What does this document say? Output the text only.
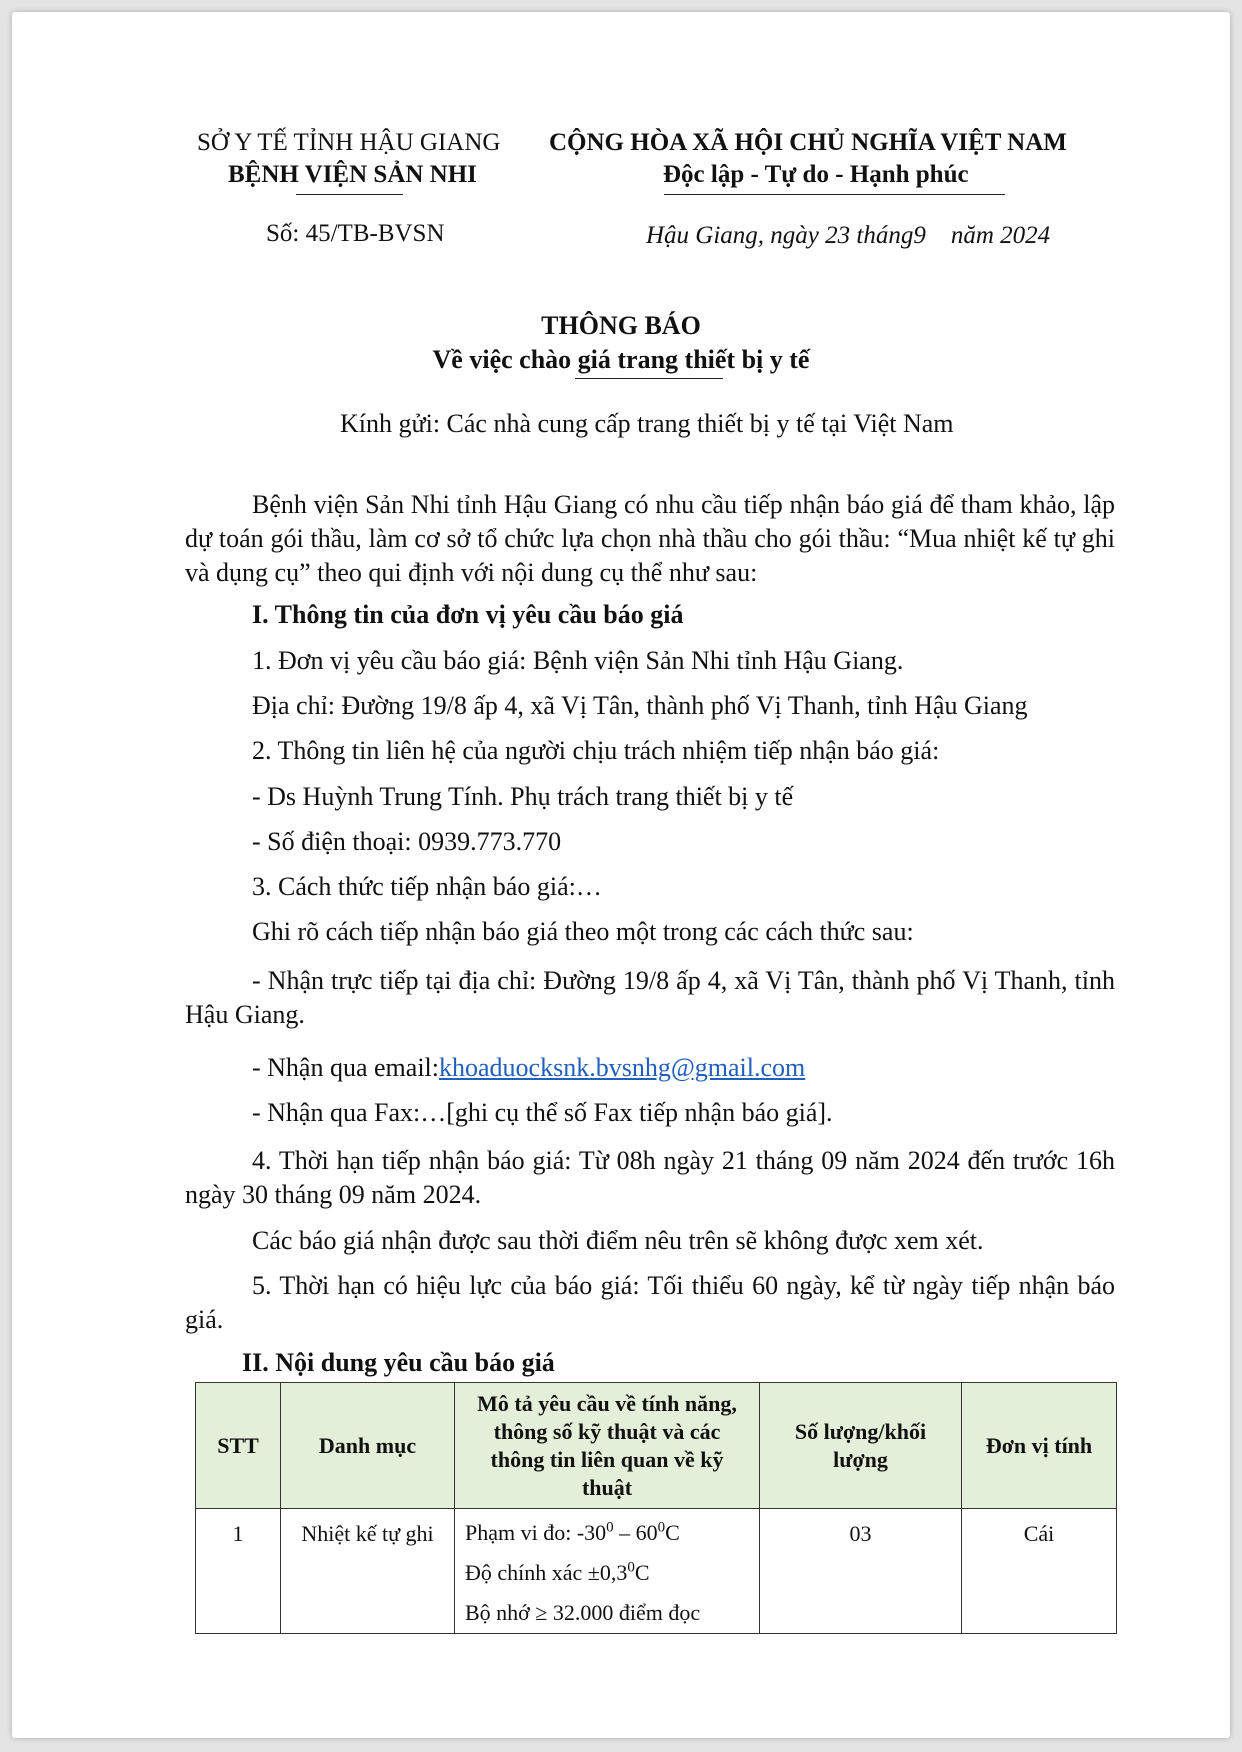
SỞ Y TẾ TỈNH HẬU GIANG
BỆNH VIỆN SẢN NHI
CỘNG HÒA XÃ HỘI CHỦ NGHĨA VIỆT NAM
Độc lập - Tự do - Hạnh phúc
Số: 45/TB-BVSN	Hậu Giang, ngày 23 tháng9    năm 2024
THÔNG BÁO
Về việc chào giá trang thiết bị y tế
Kính gửi: Các nhà cung cấp trang thiết bị y tế tại Việt Nam
Bệnh viện Sản Nhi tỉnh Hậu Giang có nhu cầu tiếp nhận báo giá để tham khảo, lập dự toán gói thầu, làm cơ sở tổ chức lựa chọn nhà thầu cho gói thầu: “Mua nhiệt kế tự ghi và dụng cụ” theo qui định với nội dung cụ thể như sau:
I. Thông tin của đơn vị yêu cầu báo giá
1. Đơn vị yêu cầu báo giá: Bệnh viện Sản Nhi tỉnh Hậu Giang.
Địa chỉ: Đường 19/8 ấp 4, xã Vị Tân, thành phố Vị Thanh, tỉnh Hậu Giang
2. Thông tin liên hệ của người chịu trách nhiệm tiếp nhận báo giá:
- Ds Huỳnh Trung Tính. Phụ trách trang thiết bị y tế
- Số điện thoại: 0939.773.770
3. Cách thức tiếp nhận báo giá:…
Ghi rõ cách tiếp nhận báo giá theo một trong các cách thức sau:
- Nhận trực tiếp tại địa chỉ: Đường 19/8 ấp 4, xã Vị Tân, thành phố Vị Thanh, tỉnh Hậu Giang.
- Nhận qua email:khoaduocksnk.bvsnhg@gmail.com
- Nhận qua Fax:…[ghi cụ thể số Fax tiếp nhận báo giá].
4. Thời hạn tiếp nhận báo giá: Từ 08h ngày 21 tháng 09 năm 2024 đến trước 16h ngày 30 tháng 09 năm 2024.
Các báo giá nhận được sau thời điểm nêu trên sẽ không được xem xét.
5. Thời hạn có hiệu lực của báo giá: Tối thiểu 60 ngày, kể từ ngày tiếp nhận báo giá.
II. Nội dung yêu cầu báo giá
STT	Danh mục	Mô tả yêu cầu về tính năng, thông số kỹ thuật và các thông tin liên quan về kỹ thuật	Số lượng/khối lượng	Đơn vị tính
1	Nhiệt kế tự ghi	Phạm vi đo: $-30^0 - 60^0C$
Độ chính xác $\pm 0,3^0C$
Bộ nhớ ≥ 32.000 điểm đọc	03	Cái
